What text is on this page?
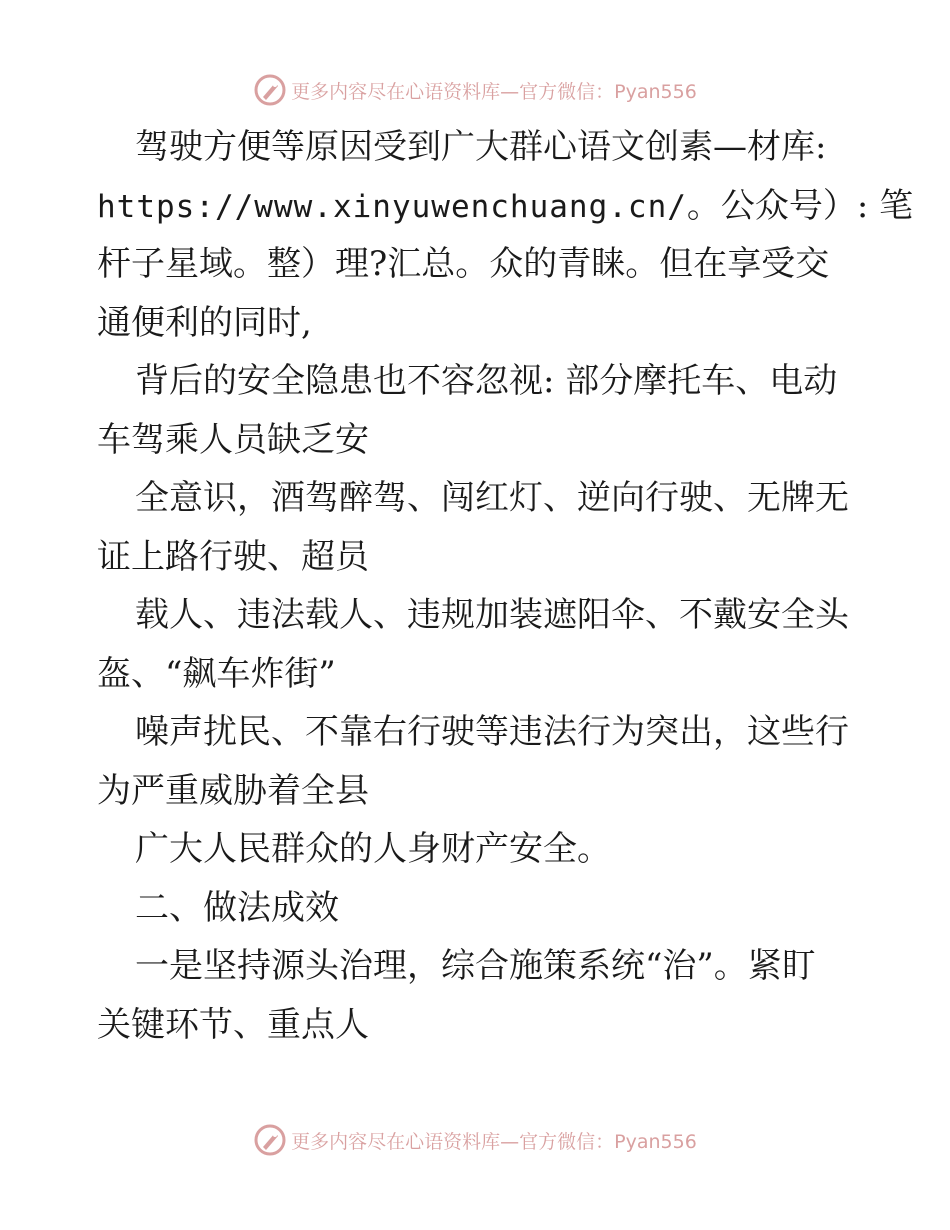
更多内容尽在心语资料库—官方微信：Pyan556
驾驶方便等原因受到广大群心语文创素—材库:
https://www.xinyuwenchuang.cn/。公众号）: 笔
杆子星域。整）理?汇总。众的青睐。但在享受交
通便利的同时,
背后的安全隐患也不容忽视: 部分摩托车、电动
车驾乘人员缺乏安
全意识，酒驾醉驾、闯红灯、逆向行驶、无牌无
证上路行驶、超员
载人、违法载人、违规加装遮阳伞、不戴安全头
盔、“飙车炸街”
噪声扰民、不靠右行驶等违法行为突出，这些行
为严重威胁着全县
广大人民群众的人身财产安全。
二、做法成效
一是坚持源头治理，综合施策系统“治”。紧盯
关键环节、重点人
更多内容尽在心语资料库—官方微信：Pyan556
